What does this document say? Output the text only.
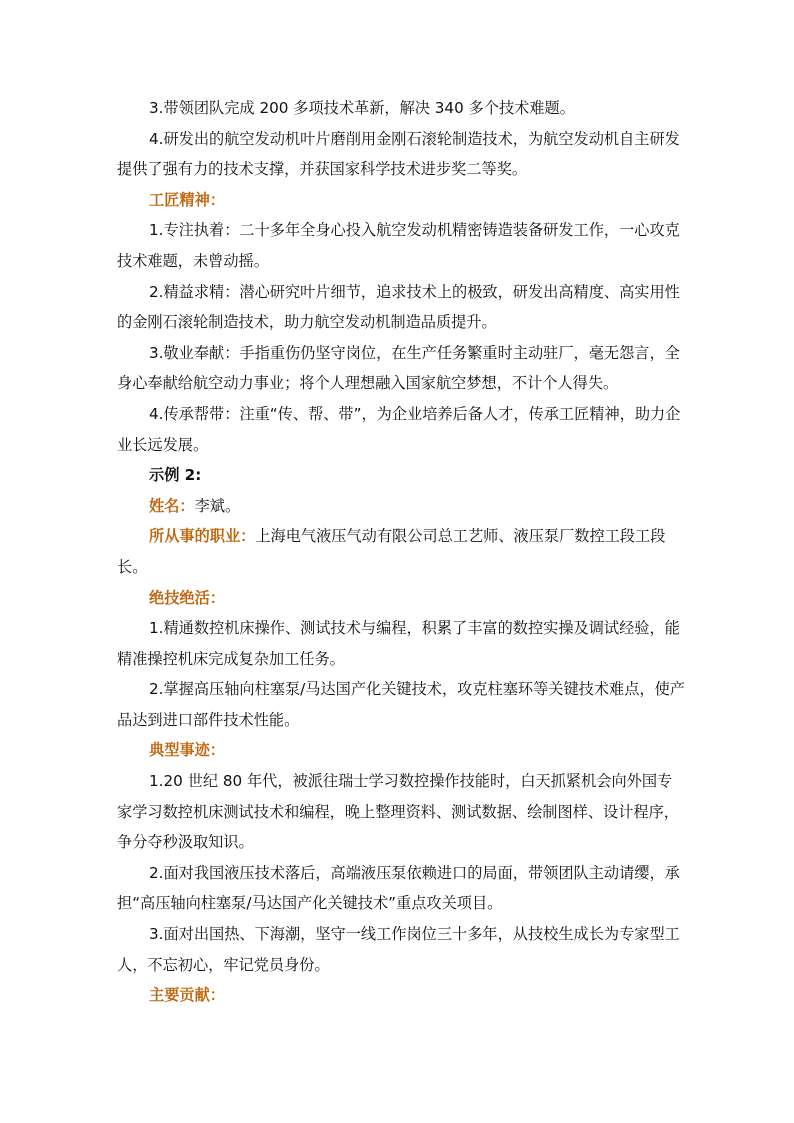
3.带领团队完成 200 多项技术革新，解决 340 多个技术难题。

4.研发出的航空发动机叶片磨削用金刚石滚轮制造技术，为航空发动机自主研发提供了强有力的技术支撑，并获国家科学技术进步奖二等奖。

工匠精神：

1.专注执着：二十多年全身心投入航空发动机精密铸造装备研发工作，一心攻克技术难题，未曾动摇。

2.精益求精：潜心研究叶片细节，追求技术上的极致，研发出高精度、高实用性的金刚石滚轮制造技术，助力航空发动机制造品质提升。

3.敬业奉献：手指重伤仍坚守岗位，在生产任务繁重时主动驻厂，毫无怨言，全身心奉献给航空动力事业；将个人理想融入国家航空梦想，不计个人得失。

4.传承帮带：注重“传、帮、带”，为企业培养后备人才，传承工匠精神，助力企业长远发展。

示例 2:

姓名：李斌。

所从事的职业：上海电气液压气动有限公司总工艺师、液压泵厂数控工段工段长。

绝技绝活：

1.精通数控机床操作、测试技术与编程，积累了丰富的数控实操及调试经验，能精准操控机床完成复杂加工任务。

2.掌握高压轴向柱塞泵/马达国产化关键技术，攻克柱塞环等关键技术难点，使产品达到进口部件技术性能。

典型事迹：

1.20 世纪 80 年代，被派往瑞士学习数控操作技能时，白天抓紧机会向外国专家学习数控机床测试技术和编程，晚上整理资料、测试数据、绘制图样、设计程序，争分夺秒汲取知识。

2.面对我国液压技术落后，高端液压泵依赖进口的局面，带领团队主动请缨，承担“高压轴向柱塞泵/马达国产化关键技术”重点攻关项目。

3.面对出国热、下海潮，坚守一线工作岗位三十多年，从技校生成长为专家型工人，不忘初心，牢记党员身份。

主要贡献：
